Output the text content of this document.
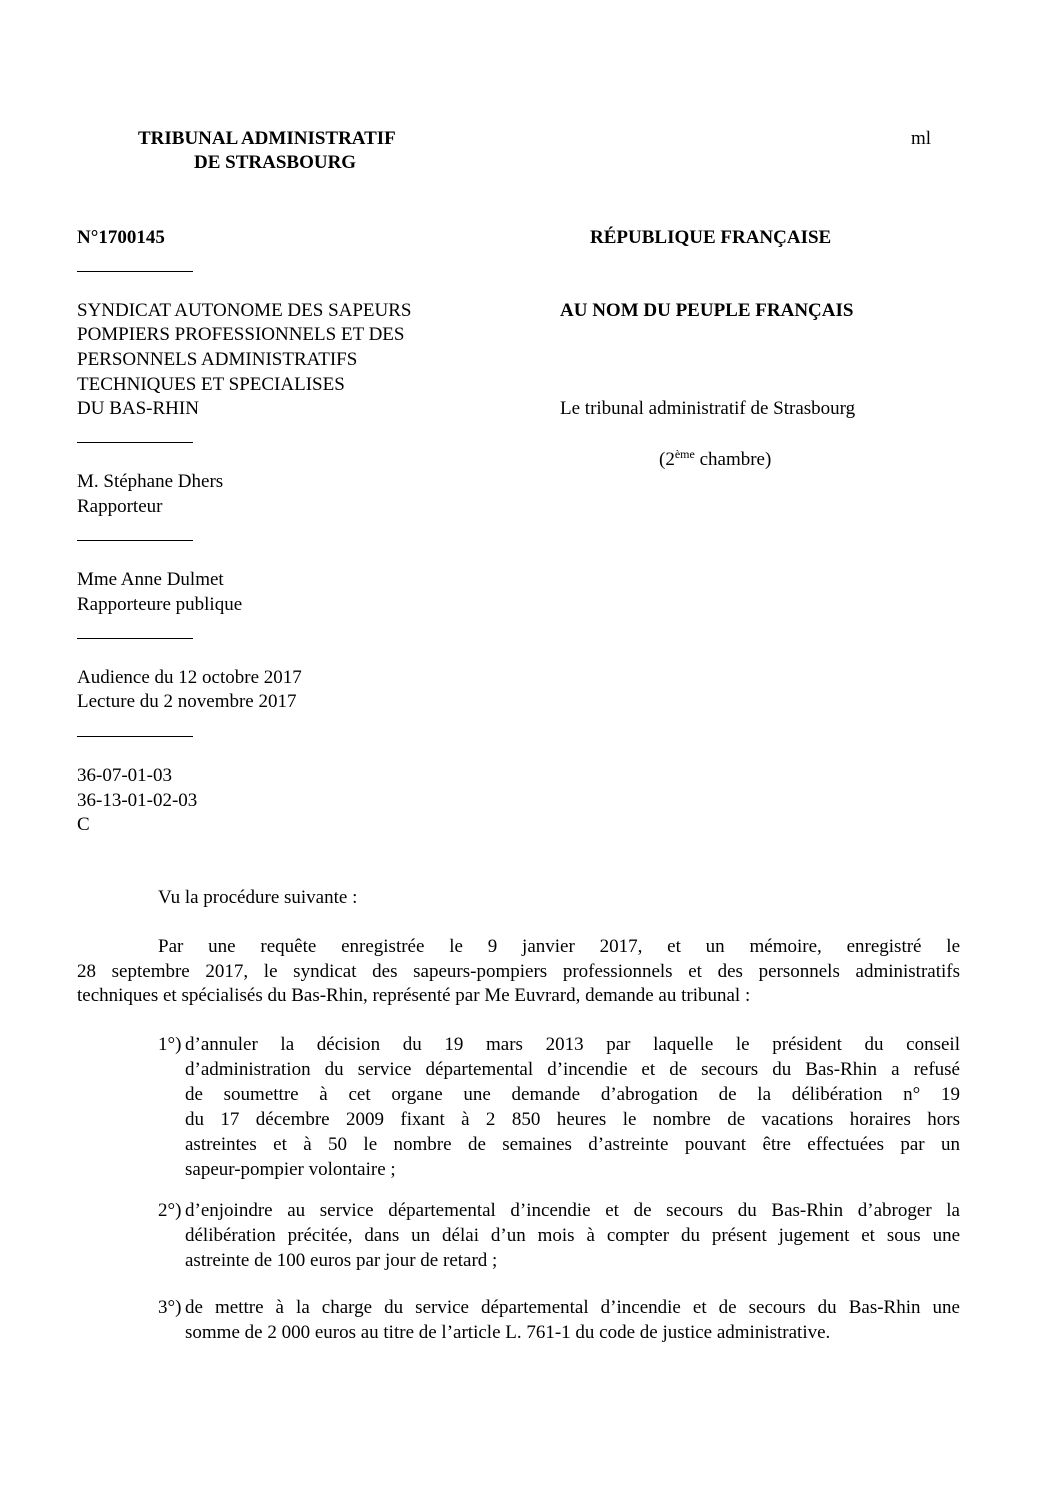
TRIBUNAL ADMINISTRATIF
DE STRASBOURG
ml
N°1700145	RÉPUBLIQUE FRANÇAISE
SYNDICAT AUTONOME DES SAPEURS
POMPIERS PROFESSIONNELS ET DES
PERSONNELS ADMINISTRATIFS
TECHNIQUES ET SPECIALISES
DU BAS-RHIN
AU NOM DU PEUPLE FRANÇAIS
Le tribunal administratif de Strasbourg
(2ème chambre)
M. Stéphane Dhers
Rapporteur
Mme Anne Dulmet
Rapporteure publique
Audience du 12 octobre 2017
Lecture du 2 novembre 2017
36-07-01-03
36-13-01-02-03
C
Vu la procédure suivante :
Par une requête enregistrée le 9 janvier 2017, et un mémoire, enregistré le
28 septembre 2017, le syndicat des sapeurs-pompiers professionnels et des personnels administratifs
techniques et spécialisés du Bas-Rhin, représenté par Me Euvrard, demande au tribunal :
1°) d’annuler la décision du 19 mars 2013 par laquelle le président du conseil
d’administration du service départemental d’incendie et de secours du Bas-Rhin a refusé
de soumettre à cet organe une demande d’abrogation de la délibération n° 19
du 17 décembre 2009 fixant à 2 850 heures le nombre de vacations horaires hors
astreintes et à 50 le nombre de semaines d’astreinte pouvant être effectuées par un
sapeur-pompier volontaire ;
2°) d’enjoindre au service départemental d’incendie et de secours du Bas-Rhin d’abroger la
délibération précitée, dans un délai d’un mois à compter du présent jugement et sous une
astreinte de 100 euros par jour de retard ;
3°) de mettre à la charge du service départemental d’incendie et de secours du Bas-Rhin une
somme de 2 000 euros au titre de l’article L. 761-1 du code de justice administrative.
